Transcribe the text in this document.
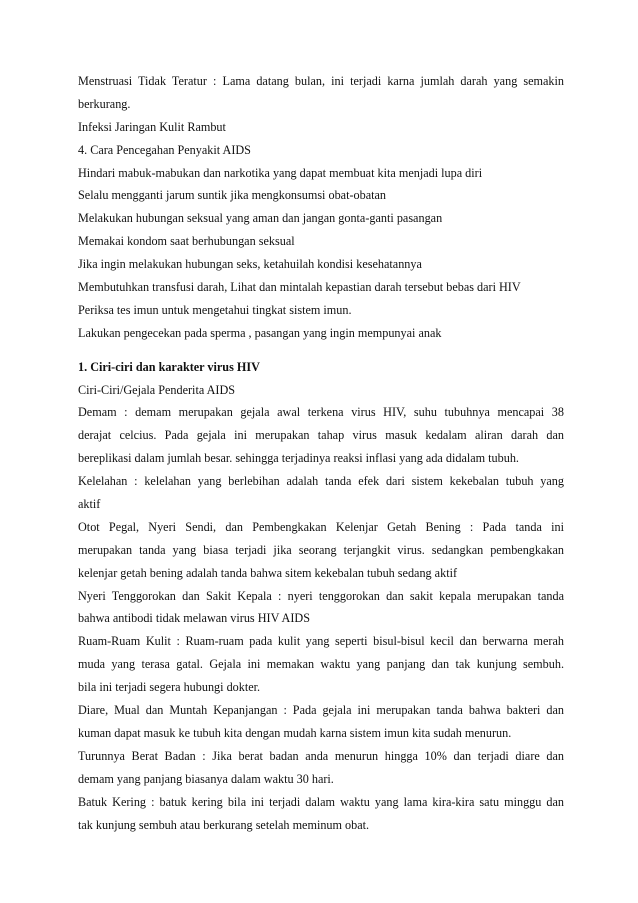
Menstruasi Tidak Teratur : Lama datang bulan, ini terjadi karna jumlah darah yang semakin
berkurang.
Infeksi Jaringan Kulit Rambut
4. Cara Pencegahan Penyakit AIDS
Hindari mabuk-mabukan dan narkotika yang dapat membuat kita menjadi lupa diri
Selalu mengganti jarum suntik jika mengkonsumsi obat-obatan
Melakukan hubungan seksual yang aman dan jangan gonta-ganti pasangan
Memakai kondom saat berhubungan seksual
Jika ingin melakukan hubungan seks, ketahuilah kondisi kesehatannya
Membutuhkan transfusi darah, Lihat dan mintalah kepastian darah tersebut bebas dari HIV
Periksa tes imun untuk mengetahui tingkat sistem imun.
Lakukan pengecekan pada sperma , pasangan yang ingin mempunyai anak
1. Ciri-ciri dan karakter virus HIV
Ciri-Ciri/Gejala Penderita AIDS
Demam : demam merupakan gejala awal terkena virus HIV, suhu tubuhnya mencapai 38
derajat celcius. Pada gejala ini merupakan tahap virus masuk kedalam aliran darah dan
bereplikasi dalam jumlah besar. sehingga terjadinya reaksi inflasi yang ada didalam tubuh.
Kelelahan : kelelahan yang berlebihan adalah tanda efek dari sistem kekebalan tubuh yang
aktif
Otot Pegal, Nyeri Sendi, dan Pembengkakan Kelenjar Getah Bening : Pada tanda ini
merupakan tanda yang biasa terjadi jika seorang terjangkit virus. sedangkan pembengkakan
kelenjar getah bening adalah tanda bahwa sitem kekebalan tubuh sedang aktif
Nyeri Tenggorokan dan Sakit Kepala : nyeri tenggorokan dan sakit kepala merupakan tanda
bahwa antibodi tidak melawan virus HIV AIDS
Ruam-Ruam Kulit : Ruam-ruam pada kulit yang seperti bisul-bisul kecil dan berwarna merah
muda yang terasa gatal. Gejala ini memakan waktu yang panjang dan tak kunjung sembuh.
bila ini terjadi segera hubungi dokter.
Diare, Mual dan Muntah Kepanjangan : Pada gejala ini merupakan tanda bahwa bakteri dan
kuman dapat masuk ke tubuh kita dengan mudah karna sistem imun kita sudah menurun.
Turunnya Berat Badan : Jika berat badan anda menurun hingga 10% dan terjadi diare dan
demam yang panjang biasanya dalam waktu 30 hari.
Batuk Kering : batuk kering bila ini terjadi dalam waktu yang lama kira-kira satu minggu dan
tak kunjung sembuh atau berkurang setelah meminum obat.
